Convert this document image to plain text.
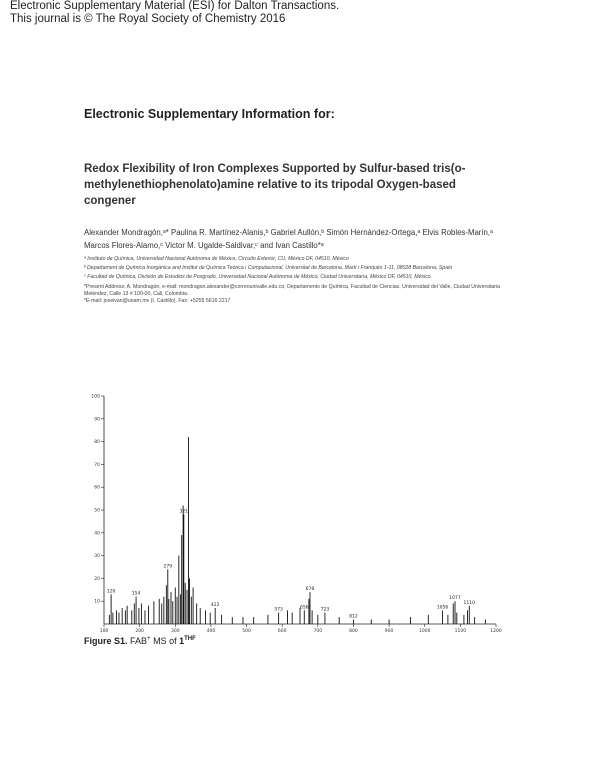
Electronic Supplementary Material (ESI) for Dalton Transactions.
This journal is © The Royal Society of Chemistry 2016
Electronic Supplementary Information for:
Redox Flexibility of Iron Complexes Supported by Sulfur-based tris(o-methylenethiophenolato)amine relative to its tripodal Oxygen-based congener
Alexander Mondragón,ᵃ* Paulina R. Martínez-Alanis,ᵇ Gabriel Aullón,ᵇ Simón Hernández-Ortega,ᵃ Elvis Robles-Marín,ᵃ Marcos Flores-Alamo,ᶜ Victor M. Ugalde-Saldivar,ᶜ and Ivan Castillo*ᵃ
ᵃ Instituto de Química, Universidad Nacional Autónoma de México, Circuito Exterior, CU, México DF, 04510, México
ᵇ Departament de Química Inorgànica and Institut de Química Teòrica i Computacional, Universitat de Barcelona, Martí i Franquès 1-11, 08028 Barcelona, Spain
ᶜ Facultad de Química, División de Estudios de Posgrado, Universidad Nacional Autónoma de México, Ciudad Universitaria, México DF, 04510, México
*Present Address: A. Mondragón, e-mail: mondragon.alexander@correounivalle.edu.co; Departamento de Química, Facultad de Ciencias, Universidad del Valle, Ciudad Universitaria Meléndez, Calle 13 # 100-00, Cali, Colombia.
*E-mail: joseivan@unam.mx (I. Castillo). Fax: +5255 5616 2217
10
20
30
40
50
60
70
80
90
100
100	200	300	400	500	600	700	800	900	1000	1100	1200
120	154
279
321
422
573	656
678
723
812
1056
1077
1110
Figure S1. FAB+ MS of $1^{THF}$
